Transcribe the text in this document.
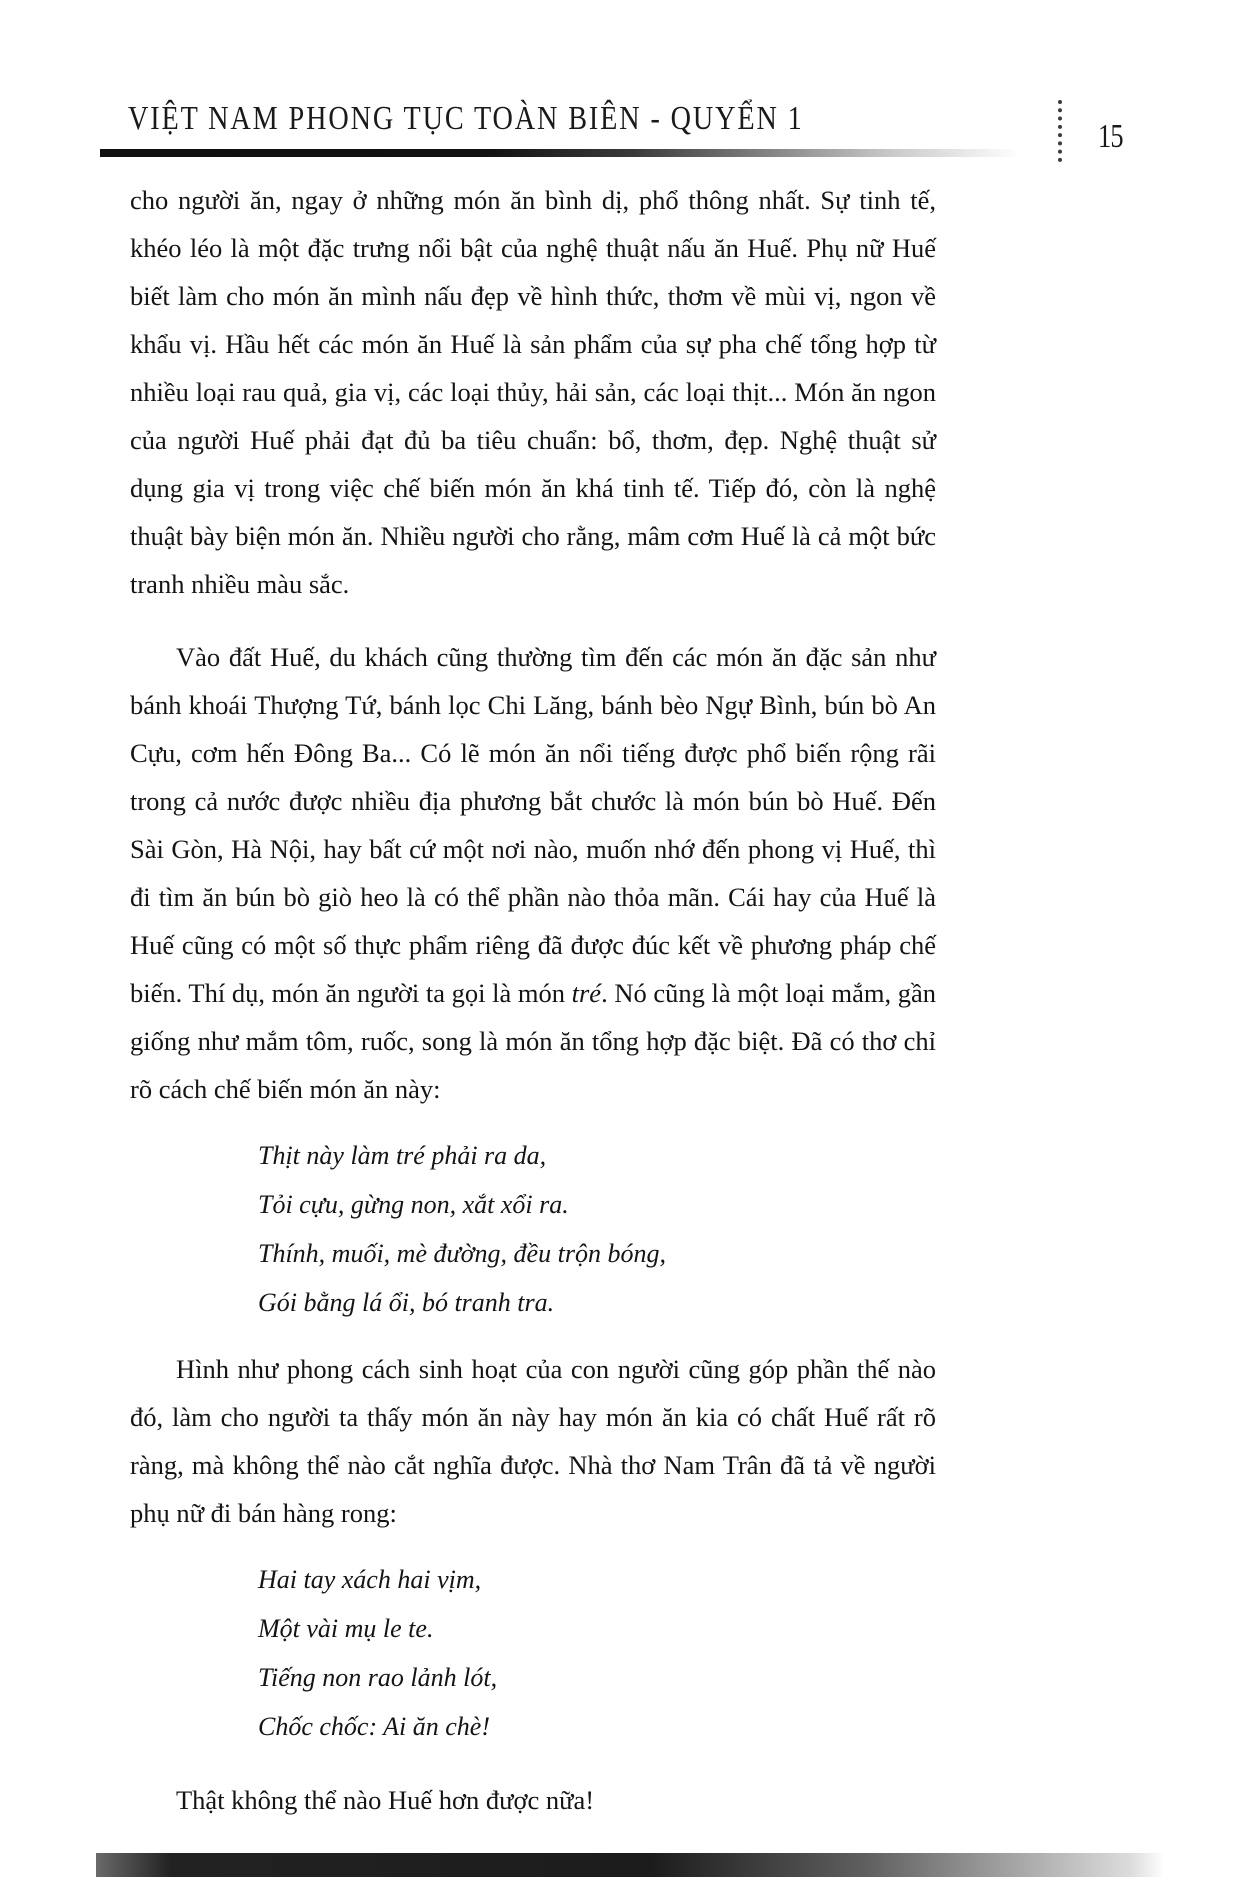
VIỆT NAM PHONG TỤC TOÀN BIÊN - QUYỂN 1	15

cho người ăn, ngay ở những món ăn bình dị, phổ thông nhất. Sự tinh tế, khéo léo là một đặc trưng nổi bật của nghệ thuật nấu ăn Huế. Phụ nữ Huế biết làm cho món ăn mình nấu đẹp về hình thức, thơm về mùi vị, ngon về khẩu vị. Hầu hết các món ăn Huế là sản phẩm của sự pha chế tổng hợp từ nhiều loại rau quả, gia vị, các loại thủy, hải sản, các loại thịt... Món ăn ngon của người Huế phải đạt đủ ba tiêu chuẩn: bổ, thơm, đẹp. Nghệ thuật sử dụng gia vị trong việc chế biến món ăn khá tinh tế. Tiếp đó, còn là nghệ thuật bày biện món ăn. Nhiều người cho rằng, mâm cơm Huế là cả một bức tranh nhiều màu sắc.

Vào đất Huế, du khách cũng thường tìm đến các món ăn đặc sản như bánh khoái Thượng Tứ, bánh lọc Chi Lăng, bánh bèo Ngự Bình, bún bò An Cựu, cơm hến Đông Ba... Có lẽ món ăn nổi tiếng được phổ biến rộng rãi trong cả nước được nhiều địa phương bắt chước là món bún bò Huế. Đến Sài Gòn, Hà Nội, hay bất cứ một nơi nào, muốn nhớ đến phong vị Huế, thì đi tìm ăn bún bò giò heo là có thể phần nào thỏa mãn. Cái hay của Huế là Huế cũng có một số thực phẩm riêng đã được đúc kết về phương pháp chế biến. Thí dụ, món ăn người ta gọi là món tré. Nó cũng là một loại mắm, gần giống như mắm tôm, ruốc, song là món ăn tổng hợp đặc biệt. Đã có thơ chỉ rõ cách chế biến món ăn này:

Thịt này làm tré phải ra da,
Tỏi cựu, gừng non, xắt xổi ra.
Thính, muối, mè đường, đều trộn bóng,
Gói bằng lá ổi, bó tranh tra.

Hình như phong cách sinh hoạt của con người cũng góp phần thế nào đó, làm cho người ta thấy món ăn này hay món ăn kia có chất Huế rất rõ ràng, mà không thể nào cắt nghĩa được. Nhà thơ Nam Trân đã tả về người phụ nữ đi bán hàng rong:

Hai tay xách hai vịm,
Một vài mụ le te.
Tiếng non rao lảnh lót,
Chốc chốc: Ai ăn chè!

Thật không thể nào Huế hơn được nữa!
